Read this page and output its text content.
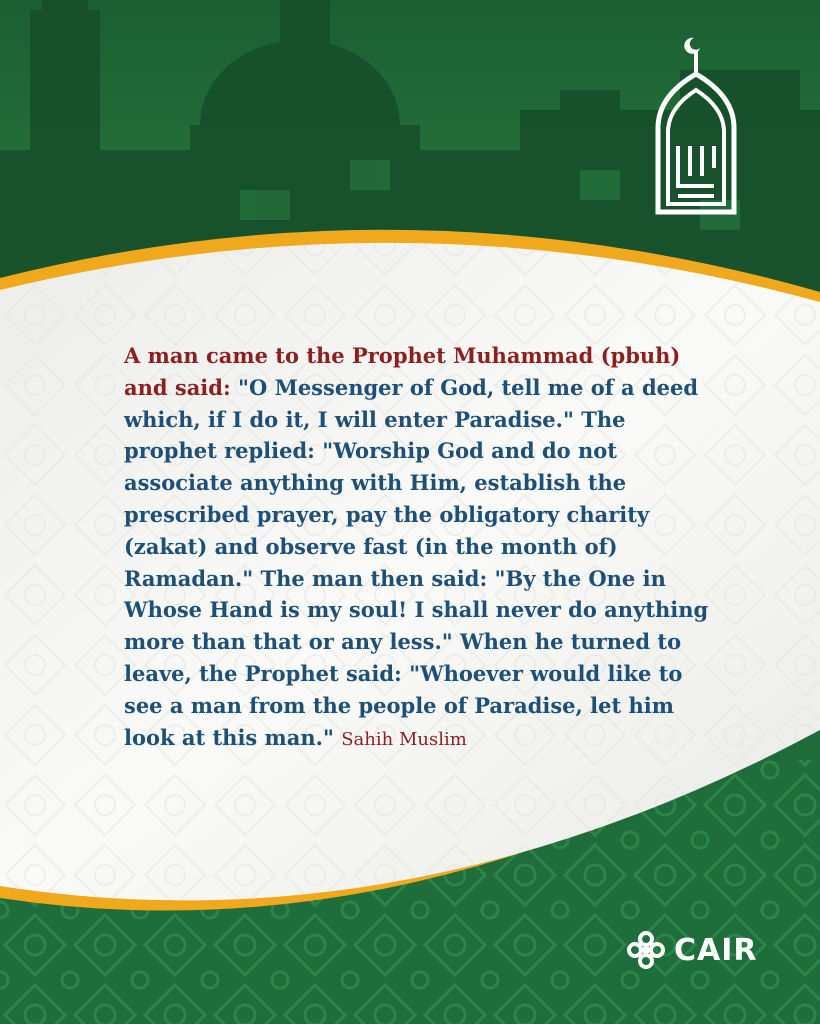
A man came to the Prophet Muhammad (pbuh) and said: "O Messenger of God, tell me of a deed which, if I do it, I will enter Paradise." The prophet replied: "Worship God and do not associate anything with Him, establish the prescribed prayer, pay the obligatory charity (zakat) and observe fast (in the month of) Ramadan." The man then said: "By the One in Whose Hand is my soul! I shall never do anything more than that or any less." When he turned to leave, the Prophet said: "Whoever would like to see a man from the people of Paradise, let him look at this man." Sahih Muslim

CAIR
